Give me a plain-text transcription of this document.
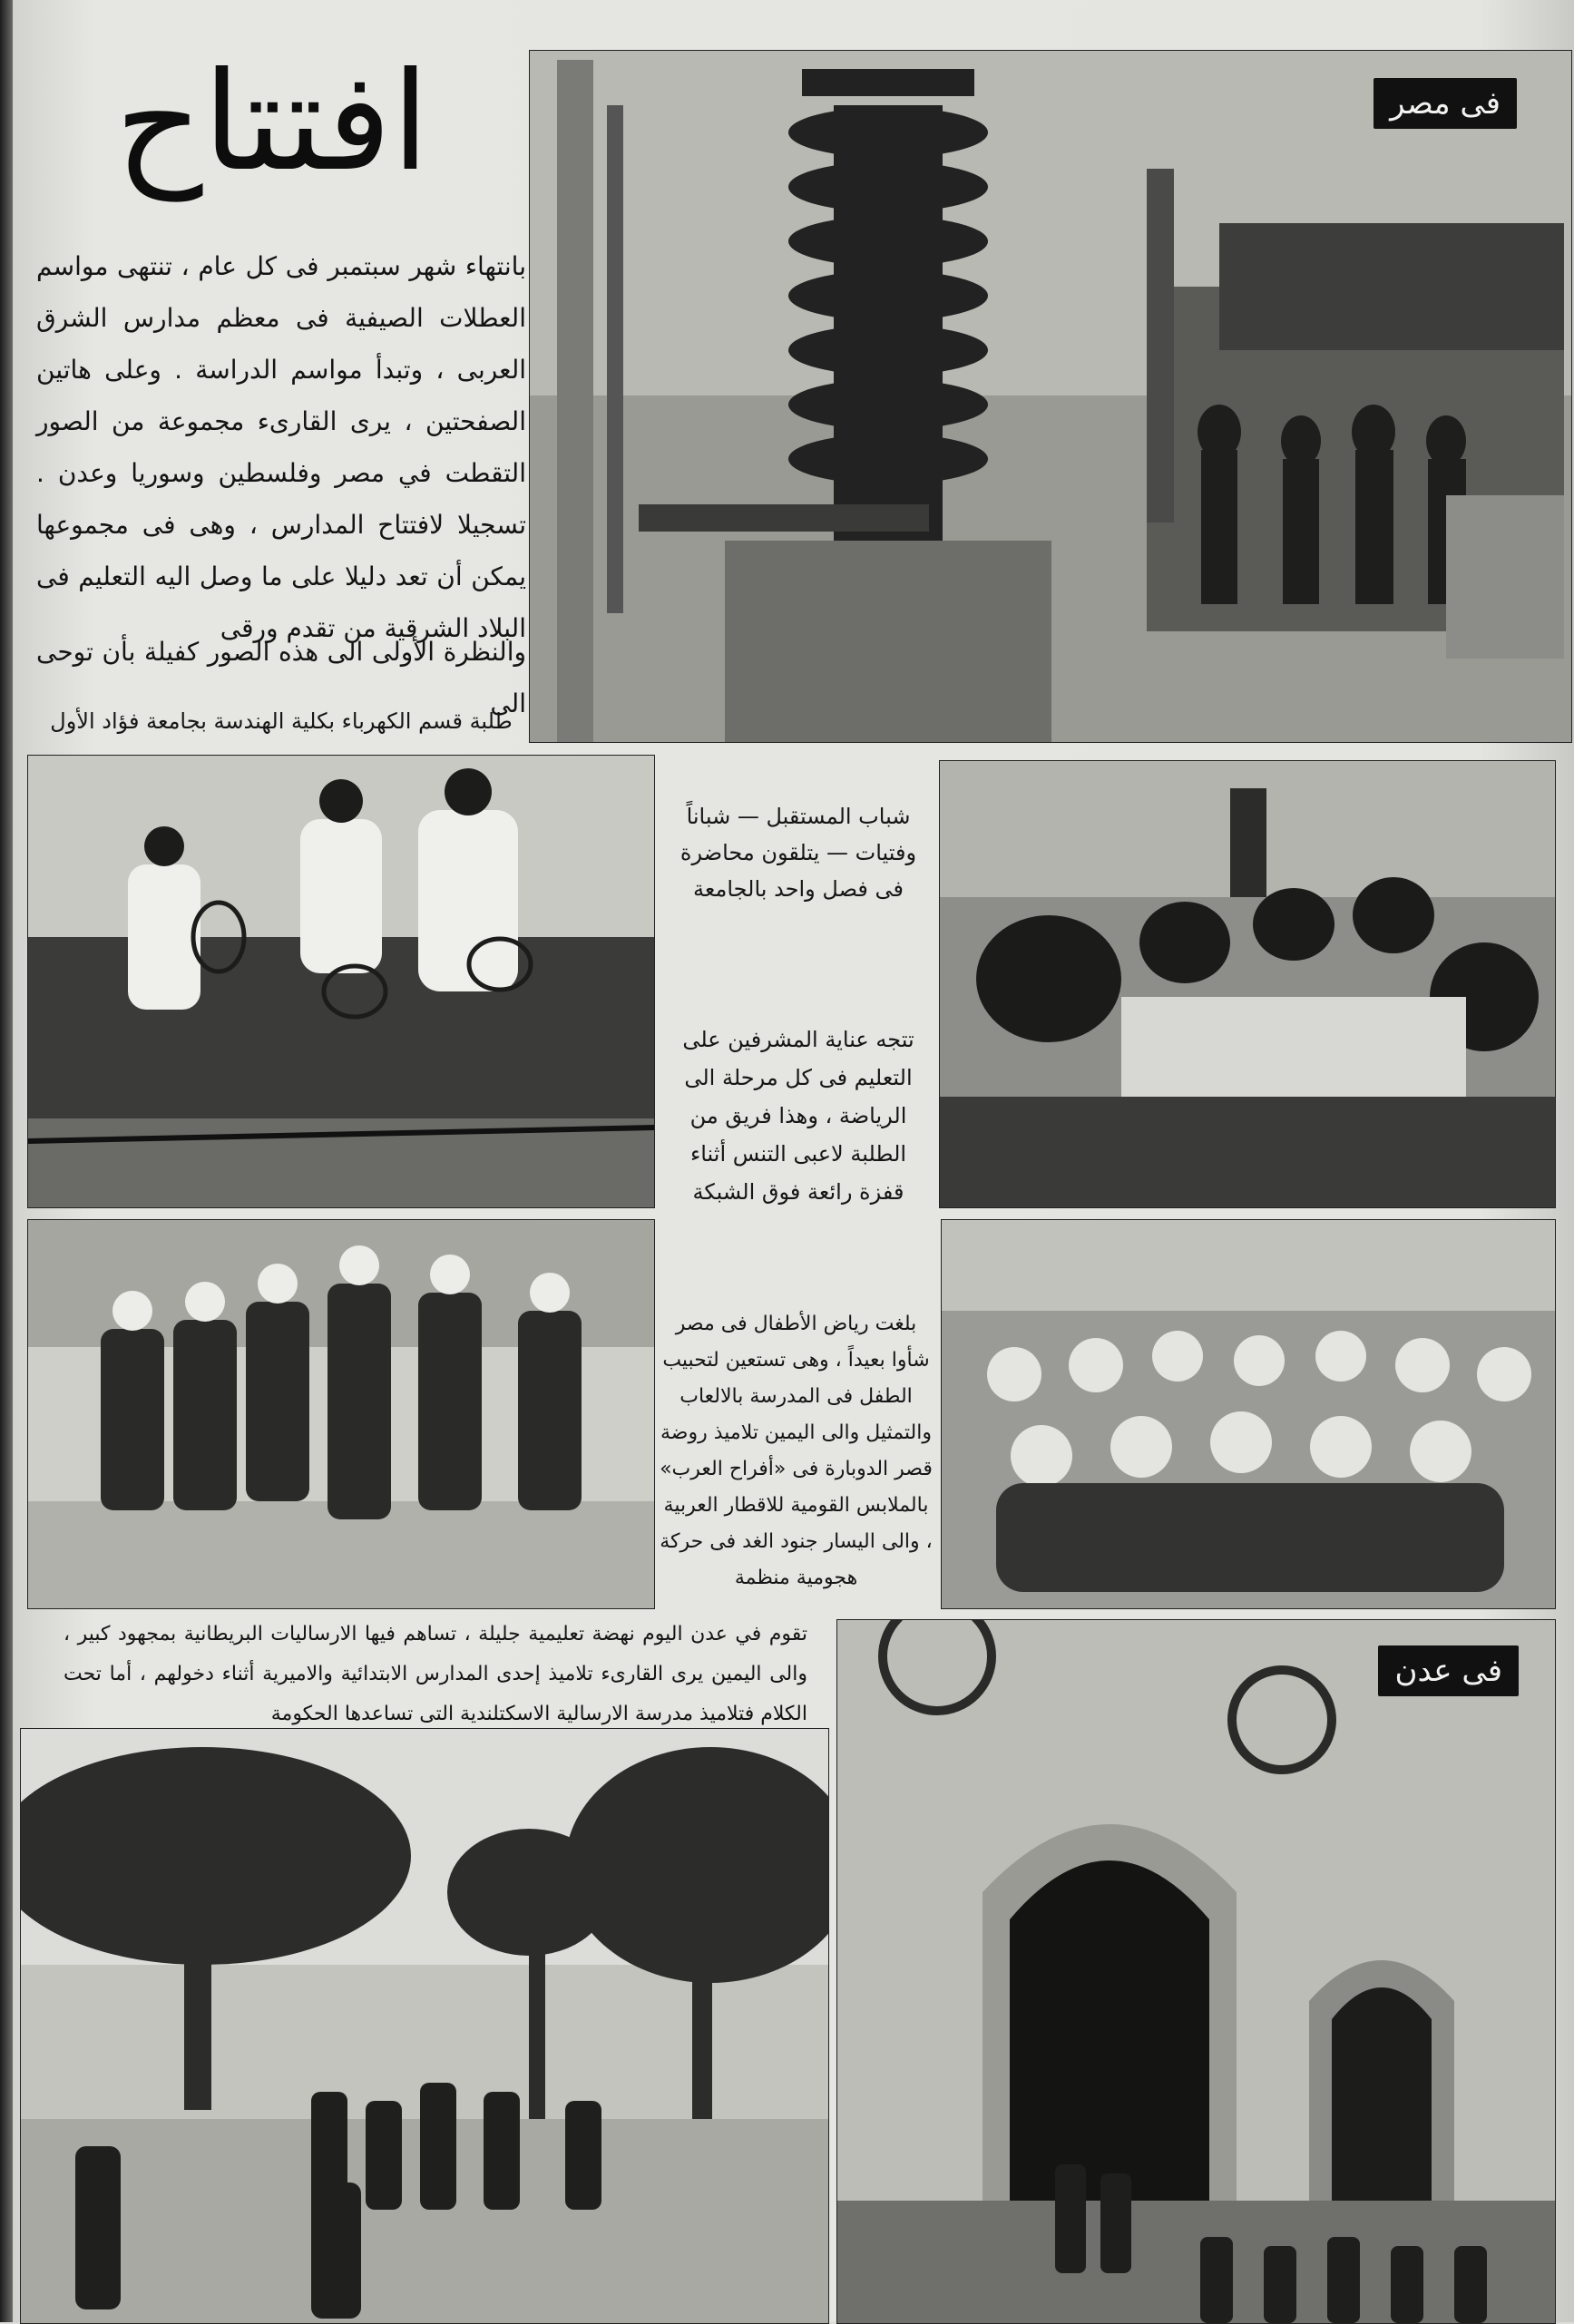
افتتاح
بانتهاء شهر سبتمبر فى كل عام ، تنتهى مواسم العطلات الصيفية فى معظم مدارس الشرق العربى ، وتبدأ مواسم الدراسة . وعلى هاتين الصفحتين ، يرى القارىء مجموعة من الصور التقطت في مصر وفلسطين وسوريا وعدن . تسجيلا لافتتاح المدارس ، وهى فى مجموعها يمكن أن تعد دليلا على ما وصل اليه التعليم فى البلاد الشرقية من تقدم ورقى
والنظرة الأولى الى هذه الصور كفيلة بأن توحى الى
طلبة قسم الكهرباء بكلية الهندسة بجامعة فؤاد الأول
فى مصر
شباب المستقبل — شباناً وفتيات — يتلقون محاضرة فى فصل واحد بالجامعة
تتجه عناية المشرفين على التعليم فى كل مرحلة الى الرياضة ، وهذا فريق من الطلبة لاعبى التنس أثناء قفزة رائعة فوق الشبكة
بلغت رياض الأطفال فى مصر شأوا بعيداً ، وهى تستعين لتحبيب الطفل فى المدرسة بالالعاب والتمثيل والى اليمين تلاميذ روضة قصر الدوبارة فى «أفراح العرب» بالملابس القومية للاقطار العربية ، والى اليسار جنود الغد فى حركة هجومية منظمة
تقوم في عدن اليوم نهضة تعليمية جليلة ، تساهم فيها الارساليات البريطانية بمجهود كبير ، والى اليمين يرى القارىء تلاميذ إحدى المدارس الابتدائية والاميرية أثناء دخولهم ، أما تحت الكلام فتلاميذ مدرسة الارسالية الاسكتلندية التى تساعدها الحكومة
فى عدن
